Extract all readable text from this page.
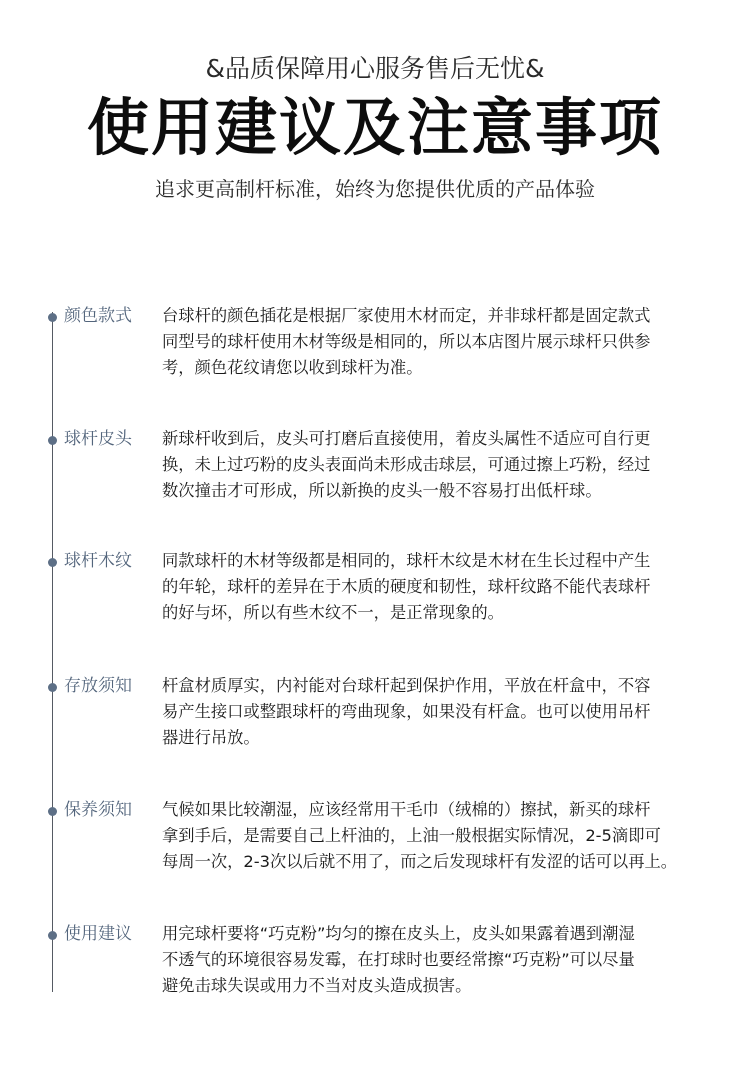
&品质保障用心服务售后无忧&
使用建议及注意事项
追求更高制杆标准，始终为您提供优质的产品体验
颜色款式 台球杆的颜色插花是根据厂家使用木材而定，并非球杆都是固定款式
同型号的球杆使用木材等级是相同的，所以本店图片展示球杆只供参
考，颜色花纹请您以收到球杆为准。
球杆皮头 新球杆收到后，皮头可打磨后直接使用，着皮头属性不适应可自行更
换，未上过巧粉的皮头表面尚未形成击球层，可通过擦上巧粉，经过
数次撞击才可形成，所以新换的皮头一般不容易打出低杆球。
球杆木纹 同款球杆的木材等级都是相同的，球杆木纹是木材在生长过程中产生
的年轮，球杆的差异在于木质的硬度和韧性，球杆纹路不能代表球杆
的好与坏，所以有些木纹不一，是正常现象的。
存放须知 杆盒材质厚实，内衬能对台球杆起到保护作用，平放在杆盒中，不容
易产生接口或整跟球杆的弯曲现象，如果没有杆盒。也可以使用吊杆
器进行吊放。
保养须知 气候如果比较潮湿，应该经常用干毛巾（绒棉的）擦拭，新买的球杆
拿到手后，是需要自己上杆油的，上油一般根据实际情况，2-5滴即可
每周一次，2-3次以后就不用了，而之后发现球杆有发涩的话可以再上。
使用建议 用完球杆要将“巧克粉”均匀的擦在皮头上，皮头如果露着遇到潮湿
不透气的环境很容易发霉，在打球时也要经常擦“巧克粉”可以尽量
避免击球失误或用力不当对皮头造成损害。
